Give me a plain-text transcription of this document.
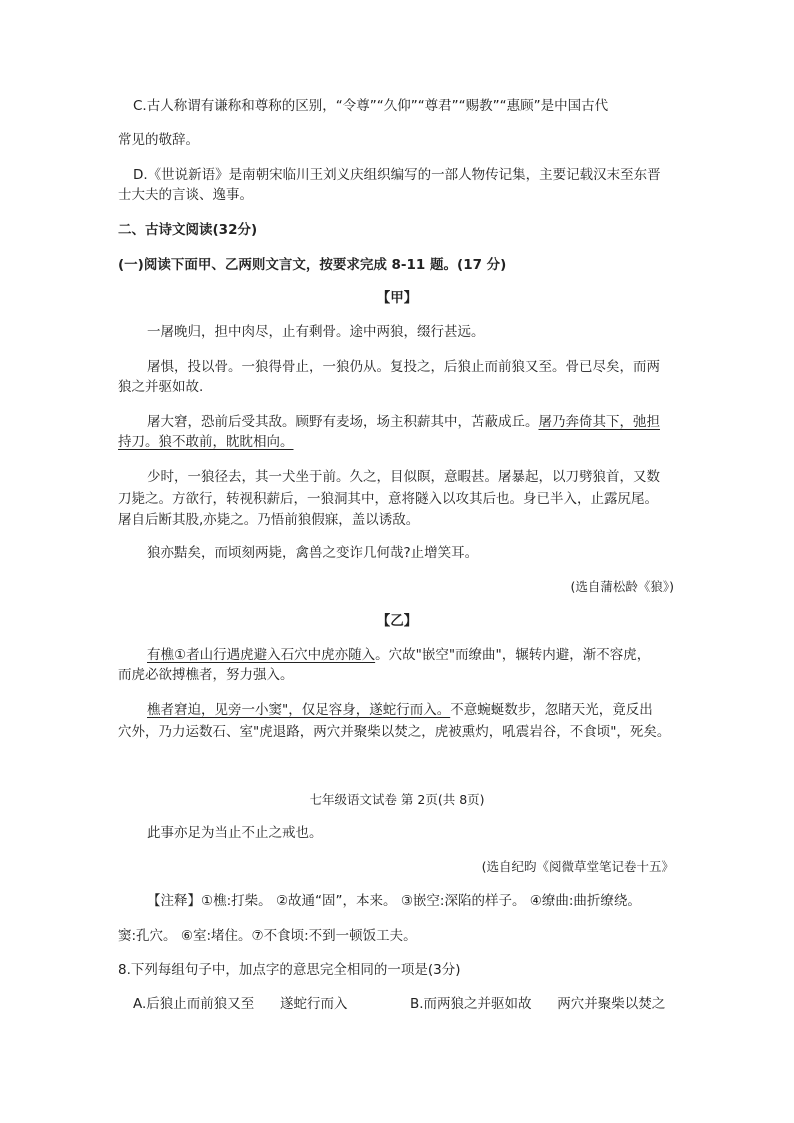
C.古人称谓有谦称和尊称的区别，“令尊”“久仰”“尊君”“赐教”“惠顾”是中国古代
常见的敬辞。
D.《世说新语》是南朝宋临川王刘义庆组织编写的一部人物传记集，主要记载汉末至东晋
士大夫的言谈、逸事。
二、古诗文阅读(32分)
(一)阅读下面甲、乙两则文言文，按要求完成 8-11 题。(17 分)
【甲】
一屠晚归，担中肉尽，止有剩骨。途中两狼，缀行甚远。
屠惧，投以骨。一狼得骨止，一狼仍从。复投之，后狼止而前狼又至。骨已尽矣，而两
狼之并驱如故.
屠大窘，恐前后受其敌。顾野有麦场，场主积薪其中，苫蔽成丘。屠乃奔倚其下，弛担
持刀。狼不敢前，眈眈相向。
少时，一狼径去，其一犬坐于前。久之，目似瞑，意暇甚。屠暴起，以刀劈狼首，又数
刀毙之。方欲行，转视积薪后，一狼洞其中，意将隧入以攻其后也。身已半入，止露尻尾。
屠自后断其股,亦毙之。乃悟前狼假寐，盖以诱敌。
狼亦黠矣，而顷刻两毙，禽兽之变诈几何哉?止增笑耳。
(选自蒲松龄《狼》)
【乙】
有樵①者山行遇虎避入石穴中虎亦随入。穴故"嵌空"而缭曲"，辗转内避，渐不容虎，
而虎必欲搏樵者，努力强入。
樵者窘迫，见旁一小窦"，仅足容身，遂蛇行而入。不意蜿蜒数步，忽睹天光，竟反出
穴外，乃力运数石、室"虎退路，两穴并聚柴以焚之，虎被熏灼，吼震岩谷，不食顷"，死矣。
七年级语文试卷 第 2页(共 8页)
此事亦足为当止不止之戒也。
(选自纪昀《阅微草堂笔记卷十五》
【注释】①樵:打柴。 ②故通“固”，本来。 ③嵌空:深陷的样子。 ④缭曲:曲折缭绕。
窦:孔穴。 ⑥室:堵住。⑦不食顷:不到一顿饭工夫。
8.下列每组句子中，加点字的意思完全相同的一项是(3分)
A.后狼止而前狼又至      遂蛇行而入	B.而两狼之并驱如故      两穴并聚柴以焚之
